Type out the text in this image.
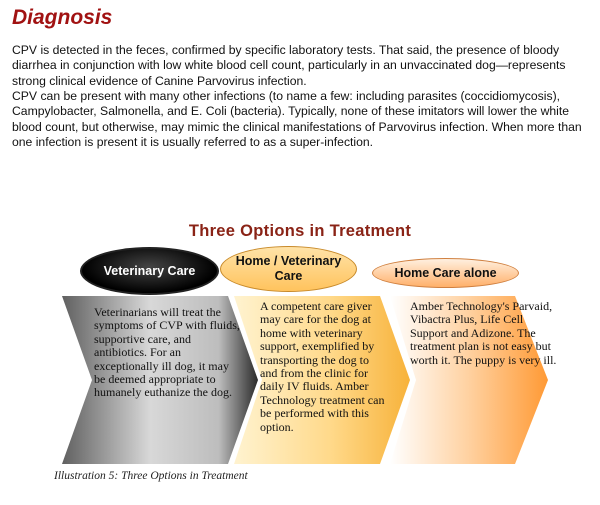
Diagnosis

CPV is detected in the feces, confirmed by specific laboratory tests. That said, the presence of bloody diarrhea in conjunction with low white blood cell count, particularly in an unvaccinated dog—represents strong clinical evidence of Canine Parvovirus infection.

CPV can be present with many other infections (to name a few: including parasites (coccidiomycosis), Campylobacter, Salmonella, and E. Coli (bacteria). Typically, none of these imitators will lower the white blood count, but otherwise, may mimic the clinical manifestations of Parvovirus infection. When more than one infection is present it is usually referred to as a super-infection.

Three Options in Treatment
Veterinary Care
Home / Veterinary Care	Home Care alone

Veterinarians will treat the symptoms of CVP with fluids, supportive care, and antibiotics. For an exceptionally ill dog, it may be deemed appropriate to humanely euthanize the dog.

A competent care giver may care for the dog at home with veterinary support, exemplified by transporting the dog to and from the clinic for daily IV fluids. Amber Technology treatment can be performed with this option.

Amber Technology's Parvaid, Vibactra Plus, Life Cell Support and Adizone. The treatment plan is not easy but worth it. The puppy is very ill.

Illustration 5: Three Options in Treatment
